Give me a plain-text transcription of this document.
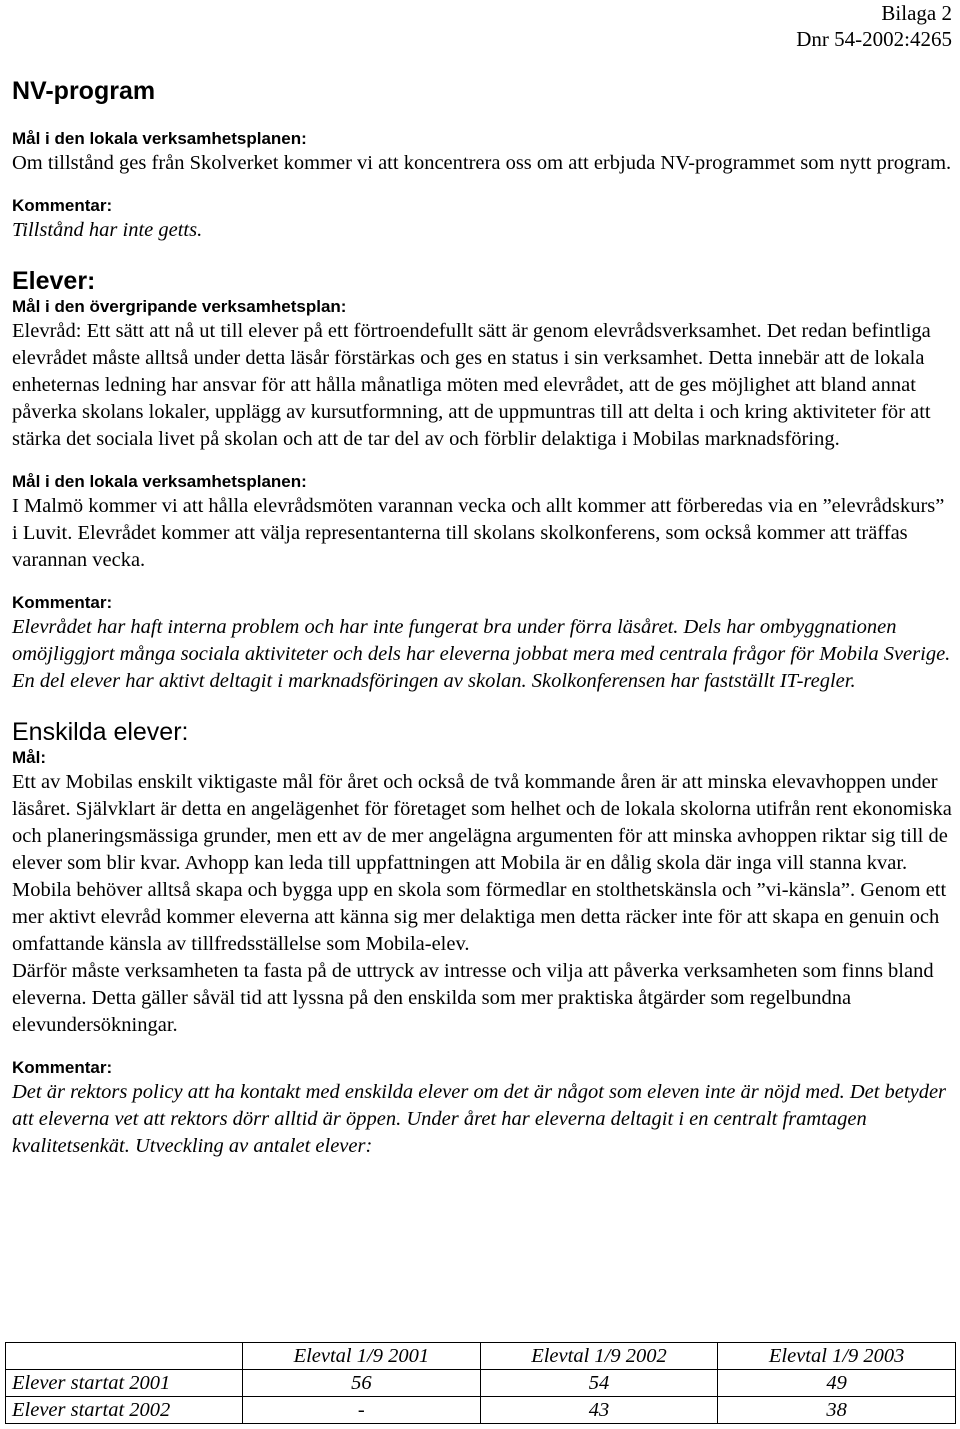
Bilaga 2
Dnr 54-2002:4265
NV-program
Mål i den lokala verksamhetsplanen:

Om tillstånd ges från Skolverket kommer vi att koncentrera oss om att erbjuda NV-programmet som nytt program.

Kommentar:

Tillstånd har inte getts.

Elever:
Mål i den övergripande verksamhetsplan:

Elevråd: Ett sätt att nå ut till elever på ett förtroendefullt sätt är genom elevrådsverksamhet. Det redan befintliga elevrådet måste alltså under detta läsår förstärkas och ges en status i sin verksamhet. Detta innebär att de lokala enheternas ledning har ansvar för att hålla månatliga möten med elevrådet, att de ges möjlighet att bland annat påverka skolans lokaler, upplägg av kursutformning, att de uppmuntras till att delta i och kring aktiviteter för att stärka det sociala livet på skolan och att de tar del av och förblir delaktiga i Mobilas marknadsföring.

Mål i den lokala verksamhetsplanen:

I Malmö kommer vi att hålla elevrådsmöten varannan vecka och allt kommer att förberedas via en ”elevrådskurs” i Luvit. Elevrådet kommer att välja representanterna till skolans skolkonferens, som också kommer att träffas varannan vecka.

Kommentar:

Elevrådet har haft interna problem och har inte fungerat bra under förra läsåret. Dels har ombyggnationen omöjliggjort många sociala aktiviteter och dels har eleverna jobbat mera med centrala frågor för Mobila Sverige. En del elever har aktivt deltagit i marknadsföringen av skolan. Skolkonferensen har fastställt IT-regler.

Enskilda elever:
Mål:

Ett av Mobilas enskilt viktigaste mål för året och också de två kommande åren är att minska elevavhoppen under läsåret. Självklart är detta en angelägenhet för företaget som helhet och de lokala skolorna utifrån rent ekonomiska och planeringsmässiga grunder, men ett av de mer angelägna argumenten för att minska avhoppen riktar sig till de elever som blir kvar. Avhopp kan leda till uppfattningen att Mobila är en dålig skola där inga vill stanna kvar. Mobila behöver alltså skapa och bygga upp en skola som förmedlar en stolthetskänsla och ”vi-känsla”. Genom ett mer aktivt elevråd kommer eleverna att känna sig mer delaktiga men detta räcker inte för att skapa en genuin och omfattande känsla av tillfredsställelse som Mobila-elev.

Därför måste verksamheten ta fasta på de uttryck av intresse och vilja att påverka verksamheten som finns bland eleverna. Detta gäller såväl tid att lyssna på den enskilda som mer praktiska åtgärder som regelbundna elevundersökningar.

Kommentar:

Det är rektors policy att ha kontakt med enskilda elever om det är något som eleven inte är nöjd med. Det betyder att eleverna vet att rektors dörr alltid är öppen. Under året har eleverna deltagit i en centralt framtagen kvalitetsenkät. Utveckling av antalet elever:

	Elevtal 1/9 2001	Elevtal 1/9 2002	Elevtal 1/9 2003
Elever startat 2001	56	54	49
Elever startat 2002	-	43	38
